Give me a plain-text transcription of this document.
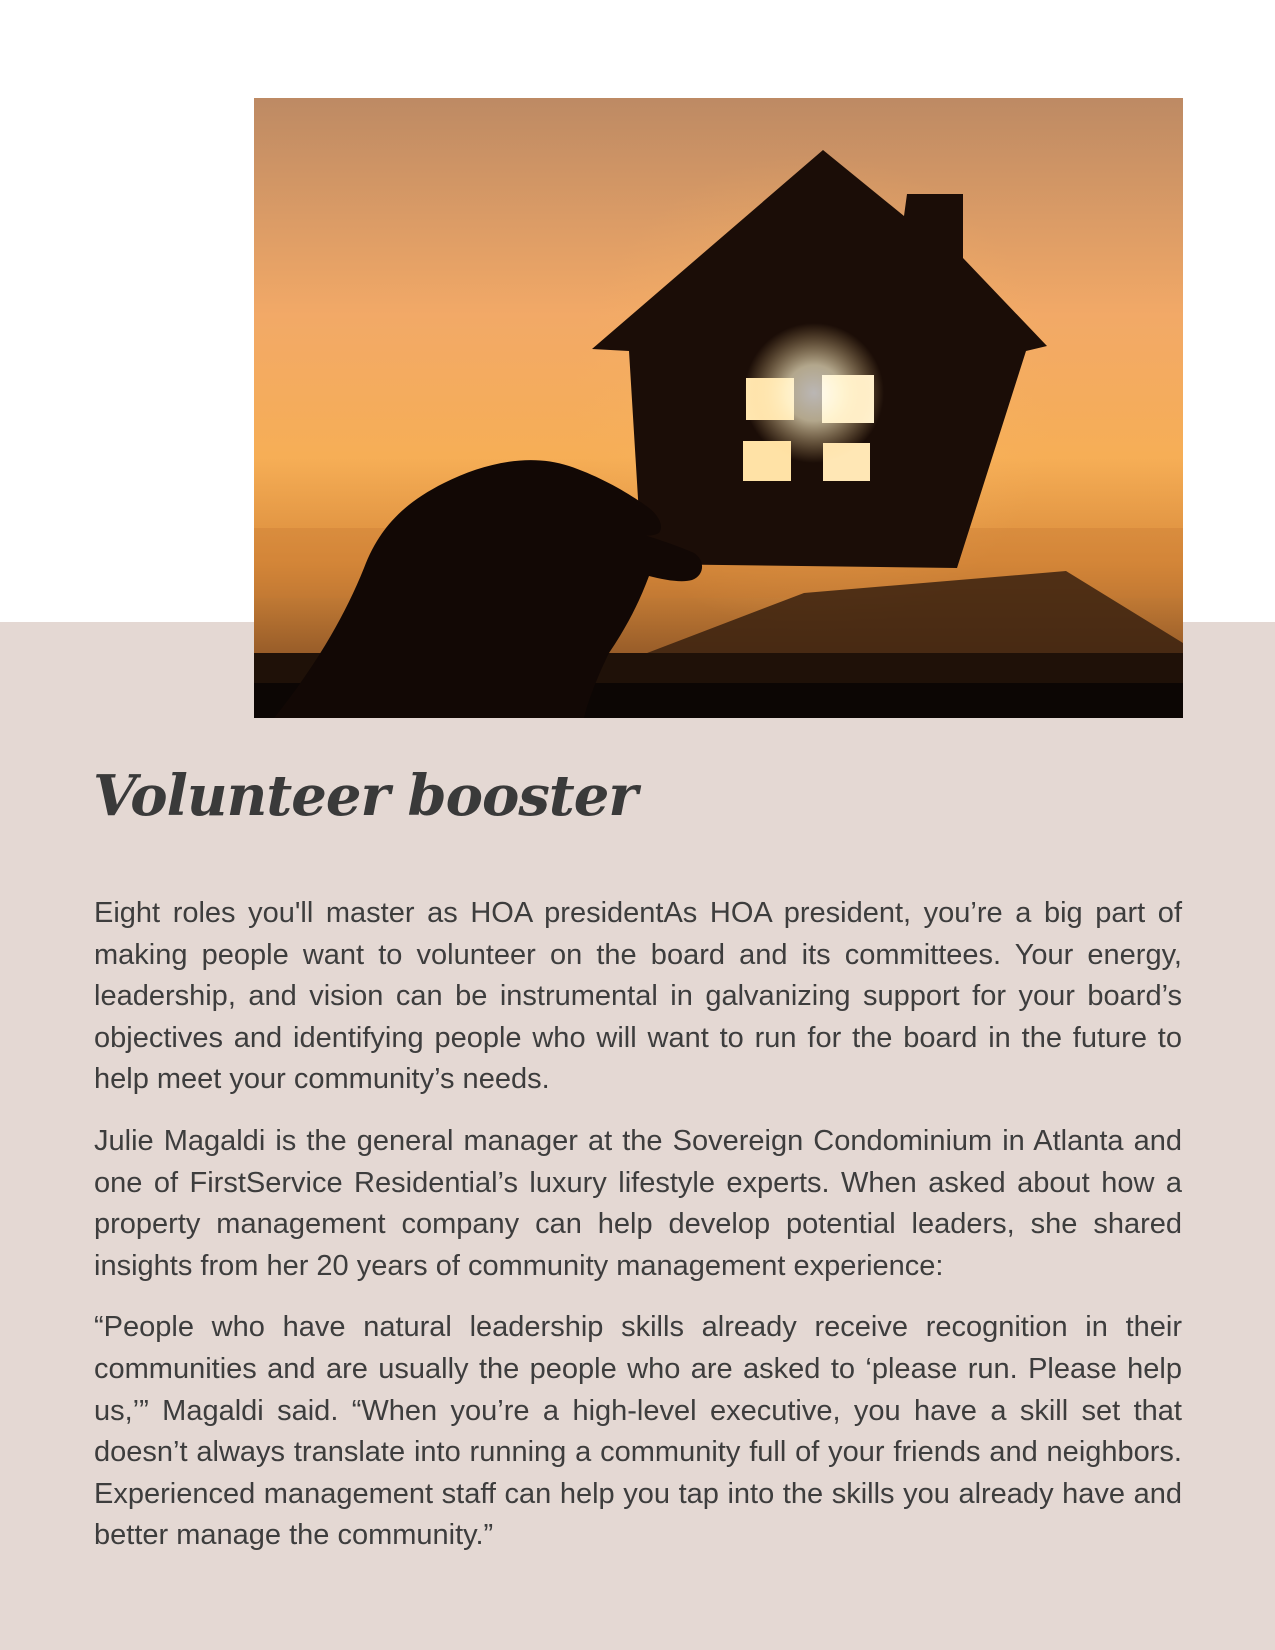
Volunteer booster

Eight roles you'll master as HOA presidentAs HOA president, you’re a big part of making people want to volunteer on the board and its committees. Your energy, leadership, and vision can be instrumental in galvanizing support for your board’s objectives and identifying people who will want to run for the board in the future to help meet your community’s needs.

Julie Magaldi is the general manager at the Sovereign Condominium in Atlanta and one of FirstService Residential’s luxury lifestyle experts. When asked about how a property management company can help develop potential leaders, she shared insights from her 20 years of community management experience:

“People who have natural leadership skills already receive recognition in their communities and are usually the people who are asked to ‘please run. Please help us,’” Magaldi said. “When you’re a high-level executive, you have a skill set that doesn’t always translate into running a community full of your friends and neighbors. Experienced management staff can help you tap into the skills you already have and better manage the community.”
